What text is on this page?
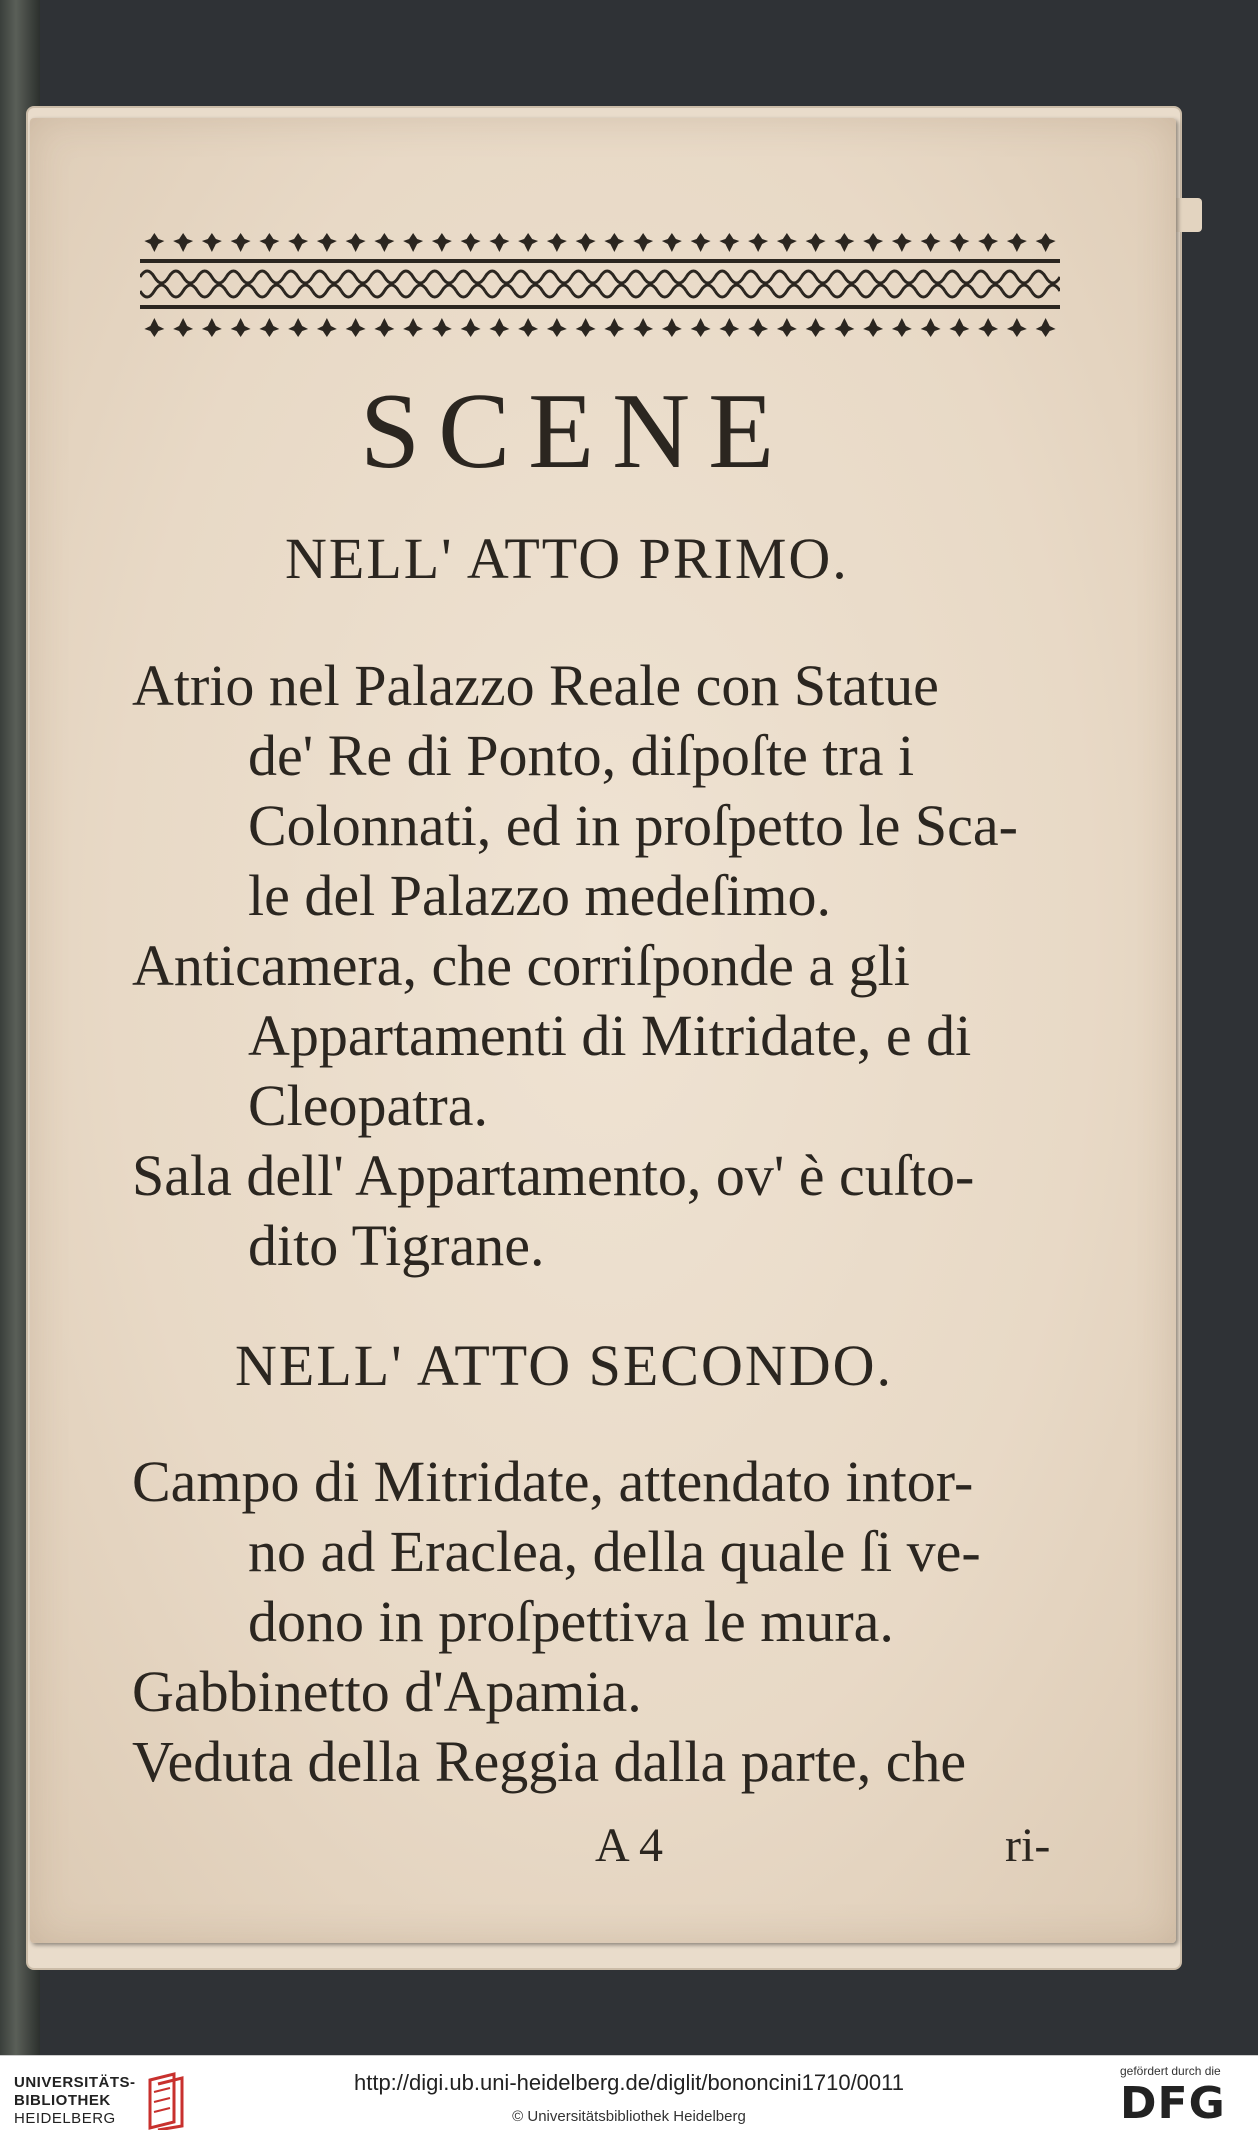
SCENE
NELL' ATTO PRIMO.
Atrio nel Palazzo Reale con Statue
de' Re di Ponto, diſpoſte tra i
Colonnati, ed in proſpetto le Sca-
le del Palazzo medeſimo.
Anticamera, che corriſponde a gli
Appartamenti di Mitridate, e di
Cleopatra.
Sala dell' Appartamento, ov' è cuſto-
dito Tigrane.
NELL' ATTO SECONDO.
Campo di Mitridate, attendato intor-
no ad Eraclea, della quale ſi ve-
dono in proſpettiva le mura.
Gabbinetto d'Apamia.
Veduta della Reggia dalla parte, che
A 4	ri-
UNIVERSITÄTS-
BIBLIOTHEK
HEIDELBERG
http://digi.ub.uni-heidelberg.de/diglit/bononcini1710/0011
© Universitätsbibliothek Heidelberg
gefördert durch die
DFG
